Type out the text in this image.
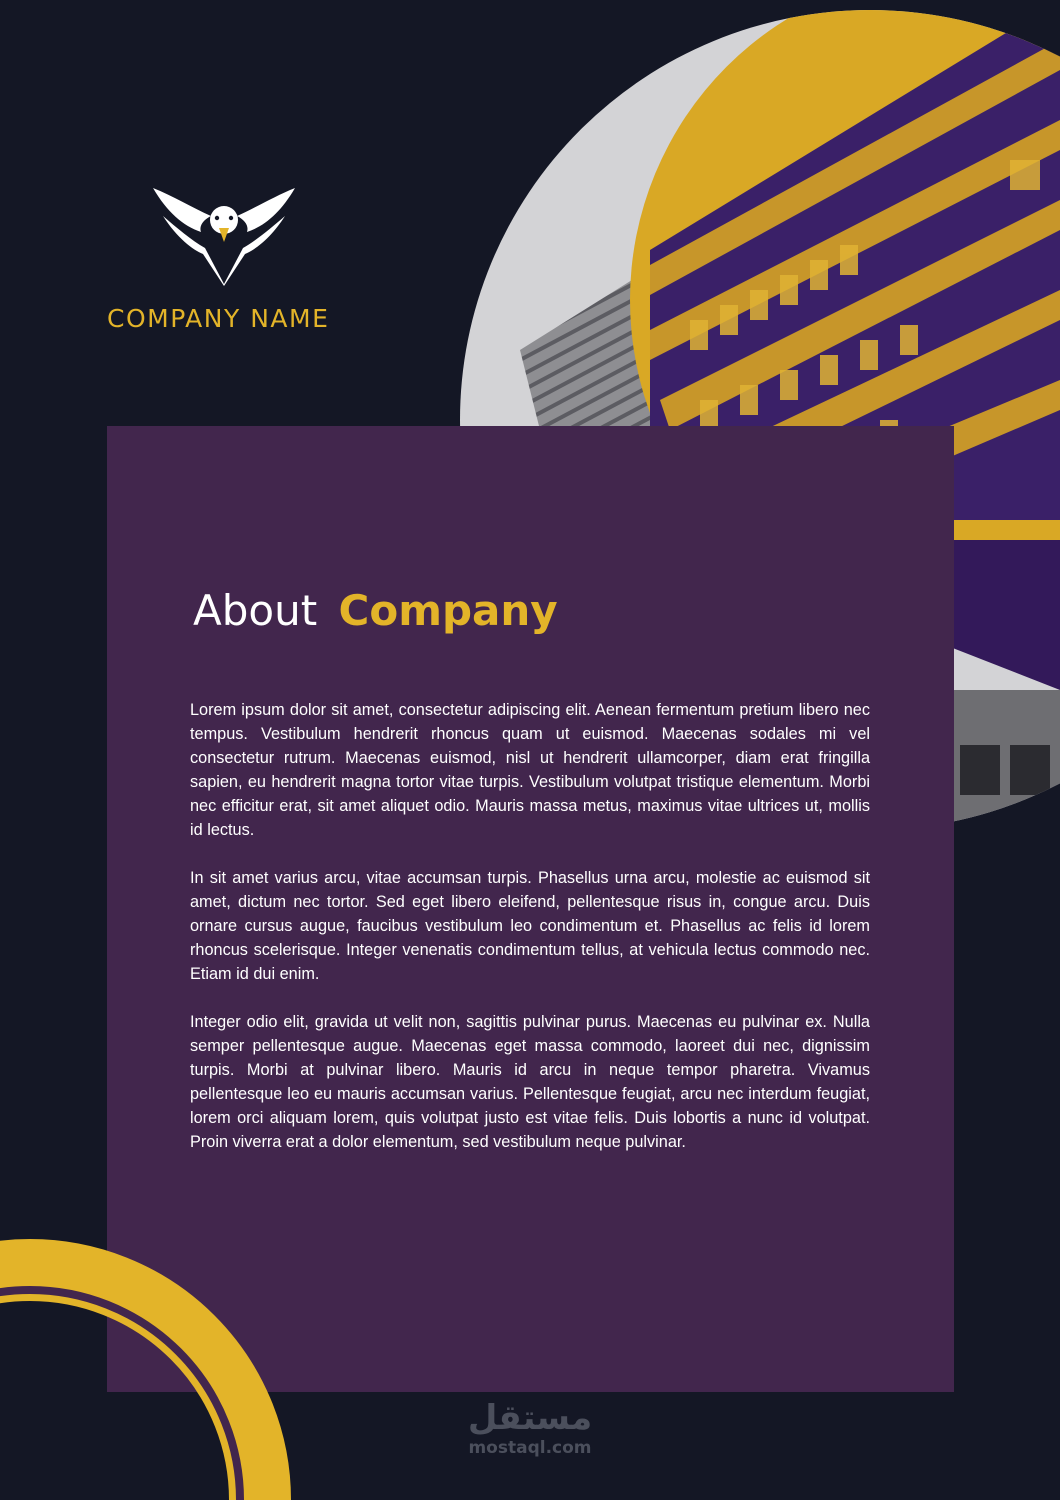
COMPANY NAME
About Company

Lorem ipsum dolor sit amet, consectetur adipiscing elit. Aenean fermentum pretium libero nec tempus. Vestibulum hendrerit rhoncus quam ut euismod. Maecenas sodales mi vel consectetur rutrum. Maecenas euismod, nisl ut hendrerit ullamcorper, diam erat fringilla sapien, eu hendrerit magna tortor vitae turpis. Vestibulum volutpat tristique elementum. Morbi nec efficitur erat, sit amet aliquet odio. Mauris massa metus, maximus vitae ultrices ut, mollis id lectus.

In sit amet varius arcu, vitae accumsan turpis. Phasellus urna arcu, molestie ac euismod sit amet, dictum nec tortor. Sed eget libero eleifend, pellentesque risus in, congue arcu. Duis ornare cursus augue, faucibus vestibulum leo condimentum et. Phasellus ac felis id lorem rhoncus scelerisque. Integer venenatis condimentum tellus, at vehicula lectus commodo nec. Etiam id dui enim.

Integer odio elit, gravida ut velit non, sagittis pulvinar purus. Maecenas eu pulvinar ex. Nulla semper pellentesque augue. Maecenas eget massa commodo, laoreet dui nec, dignissim turpis. Morbi at pulvinar libero. Mauris id arcu in neque tempor pharetra. Vivamus pellentesque leo eu mauris accumsan varius. Pellentesque feugiat, arcu nec interdum feugiat, lorem orci aliquam lorem, quis volutpat justo est vitae felis. Duis lobortis a nunc id volutpat. Proin viverra erat a dolor elementum, sed vestibulum neque pulvinar.

مستقل
mostaql.com
